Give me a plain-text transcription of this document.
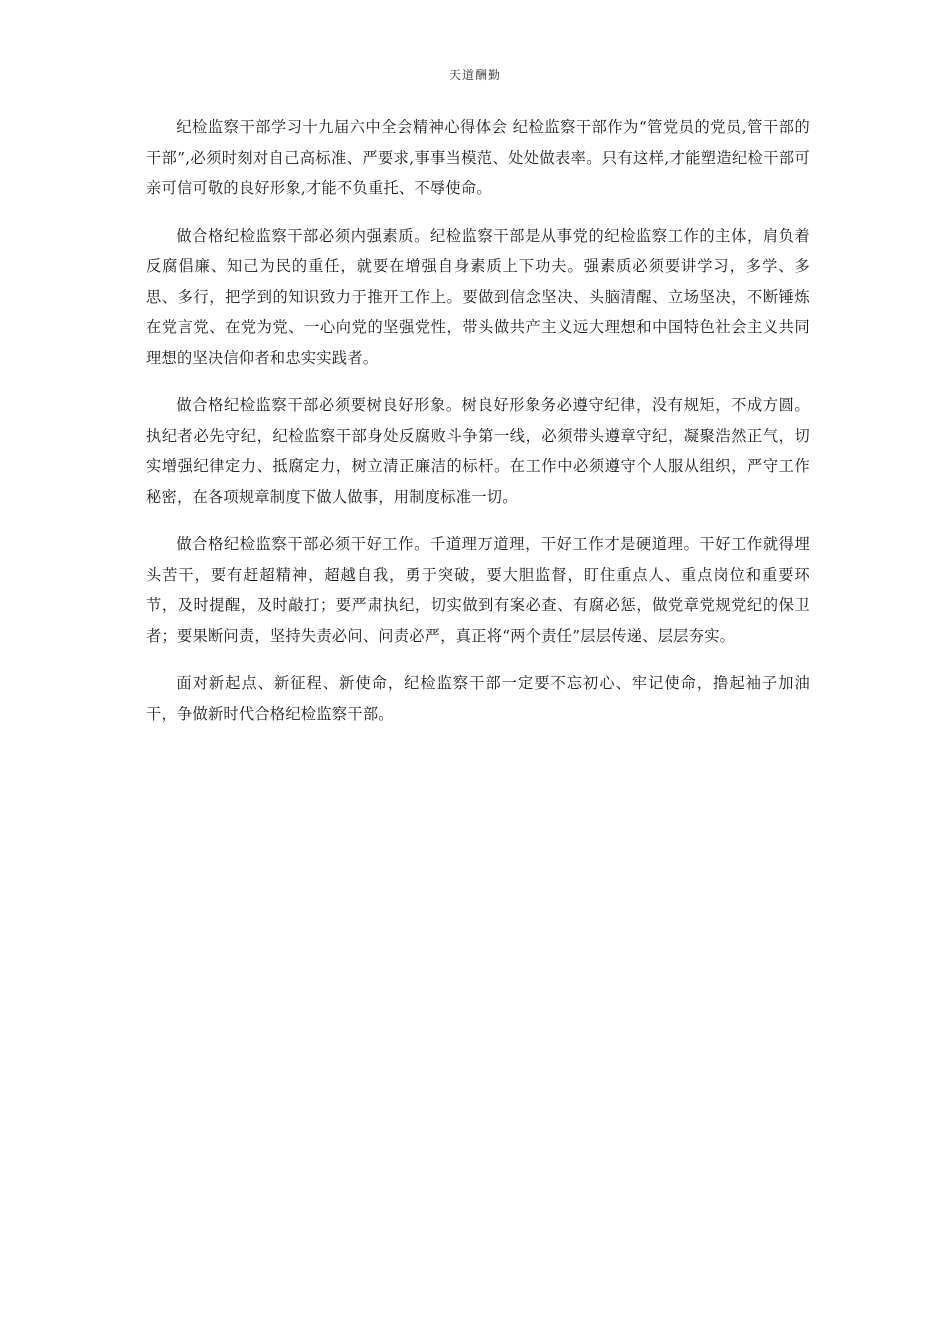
天道酬勤

纪检监察干部学习十九届六中全会精神心得体会 纪检监察干部作为“管党员的党员,管干部的干部”,必须时刻对自己高标准、严要求,事事当模范、处处做表率。只有这样,才能塑造纪检干部可亲可信可敬的良好形象,才能不负重托、不辱使命。

做合格纪检监察干部必须内强素质。纪检监察干部是从事党的纪检监察工作的主体，肩负着反腐倡廉、知己为民的重任，就要在增强自身素质上下功夫。强素质必须要讲学习，多学、多思、多行，把学到的知识致力于推开工作上。要做到信念坚决、头脑清醒、立场坚决，不断锤炼在党言党、在党为党、一心向党的坚强党性，带头做共产主义远大理想和中国特色社会主义共同理想的坚决信仰者和忠实实践者。

做合格纪检监察干部必须要树良好形象。树良好形象务必遵守纪律，没有规矩，不成方圆。执纪者必先守纪，纪检监察干部身处反腐败斗争第一线，必须带头遵章守纪，凝聚浩然正气，切实增强纪律定力、抵腐定力，树立清正廉洁的标杆。在工作中必须遵守个人服从组织，严守工作秘密，在各项规章制度下做人做事，用制度标准一切。

做合格纪检监察干部必须干好工作。千道理万道理，干好工作才是硬道理。干好工作就得埋头苦干，要有赶超精神，超越自我，勇于突破，要大胆监督，盯住重点人、重点岗位和重要环节，及时提醒，及时敲打；要严肃执纪，切实做到有案必查、有腐必惩，做党章党规党纪的保卫者；要果断问责，坚持失责必问、问责必严，真正将“两个责任”层层传递、层层夯实。

面对新起点、新征程、新使命，纪检监察干部一定要不忘初心、牢记使命，撸起袖子加油干，争做新时代合格纪检监察干部。
